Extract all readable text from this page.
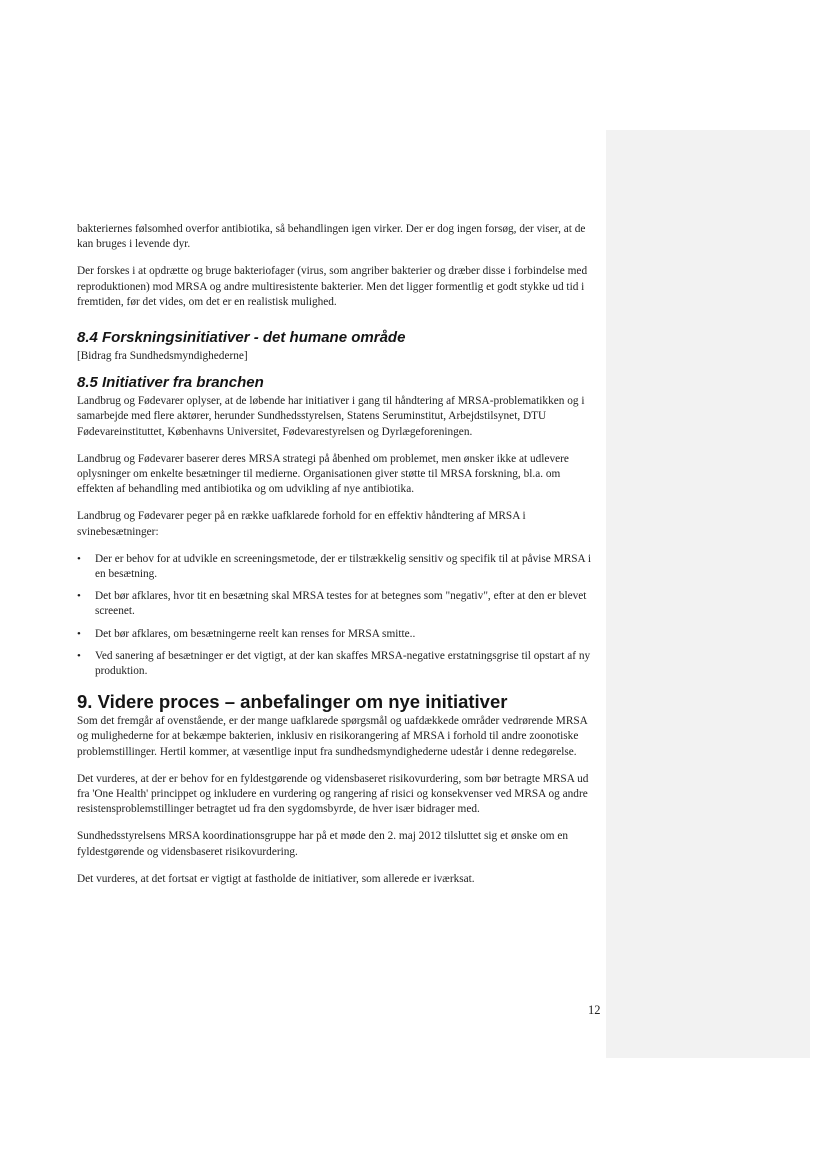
bakteriernes følsomhed overfor antibiotika, så behandlingen igen virker. Der er dog ingen forsøg, der viser, at de kan bruges i levende dyr.

Der forskes i at opdrætte og bruge bakteriofager (virus, som angriber bakterier og dræber disse i forbindelse med reproduktionen) mod MRSA og andre multiresistente bakterier. Men det ligger formentlig et godt stykke ud tid i fremtiden, før det vides, om det er en realistisk mulighed.

8.4 Forskningsinitiativer - det humane område

[Bidrag fra Sundhedsmyndighederne]

8.5 Initiativer fra branchen

Landbrug og Fødevarer oplyser, at de løbende har initiativer i gang til håndtering af MRSA-problematikken og i samarbejde med flere aktører, herunder Sundhedsstyrelsen, Statens Seruminstitut, Arbejdstilsynet, DTU Fødevareinstituttet, Københavns Universitet, Fødevarestyrelsen og Dyrlægeforeningen.

Landbrug og Fødevarer baserer deres MRSA strategi på åbenhed om problemet, men ønsker ikke at udlevere oplysninger om enkelte besætninger til medierne. Organisationen giver støtte til MRSA forskning, bl.a. om effekten af behandling med antibiotika og om udvikling af nye antibiotika.

Landbrug og Fødevarer peger på en række uafklarede forhold for en effektiv håndtering af MRSA i svinebesætninger:

• Der er behov for at udvikle en screeningsmetode, der er tilstrækkelig sensitiv og specifik til at påvise MRSA i en besætning.
• Det bør afklares, hvor tit en besætning skal MRSA testes for at betegnes som "negativ", efter at den er blevet screenet.
• Det bør afklares, om besætningerne reelt kan renses for MRSA smitte..
• Ved sanering af besætninger er det vigtigt, at der kan skaffes MRSA-negative erstatningsgrise til opstart af ny produktion.
9. Videre proces – anbefalinger om nye initiativer

Som det fremgår af ovenstående, er der mange uafklarede spørgsmål og uafdækkede områder vedrørende MRSA og mulighederne for at bekæmpe bakterien, inklusiv en risikorangering af MRSA i forhold til andre zoonotiske problemstillinger. Hertil kommer, at væsentlige input fra sundhedsmyndighederne udestår i denne redegørelse.

Det vurderes, at der er behov for en fyldestgørende og vidensbaseret risikovurdering, som bør betragte MRSA ud fra 'One Health' princippet og inkludere en vurdering og rangering af risici og konsekvenser ved MRSA og andre resistensproblemstillinger betragtet ud fra den sygdomsbyrde, de hver især bidrager med.

Sundhedsstyrelsens MRSA koordinationsgruppe har på et møde den 2. maj 2012 tilsluttet sig et ønske om en fyldestgørende og vidensbaseret risikovurdering.

Det vurderes, at det fortsat er vigtigt at fastholde de initiativer, som allerede er iværksat.

12
